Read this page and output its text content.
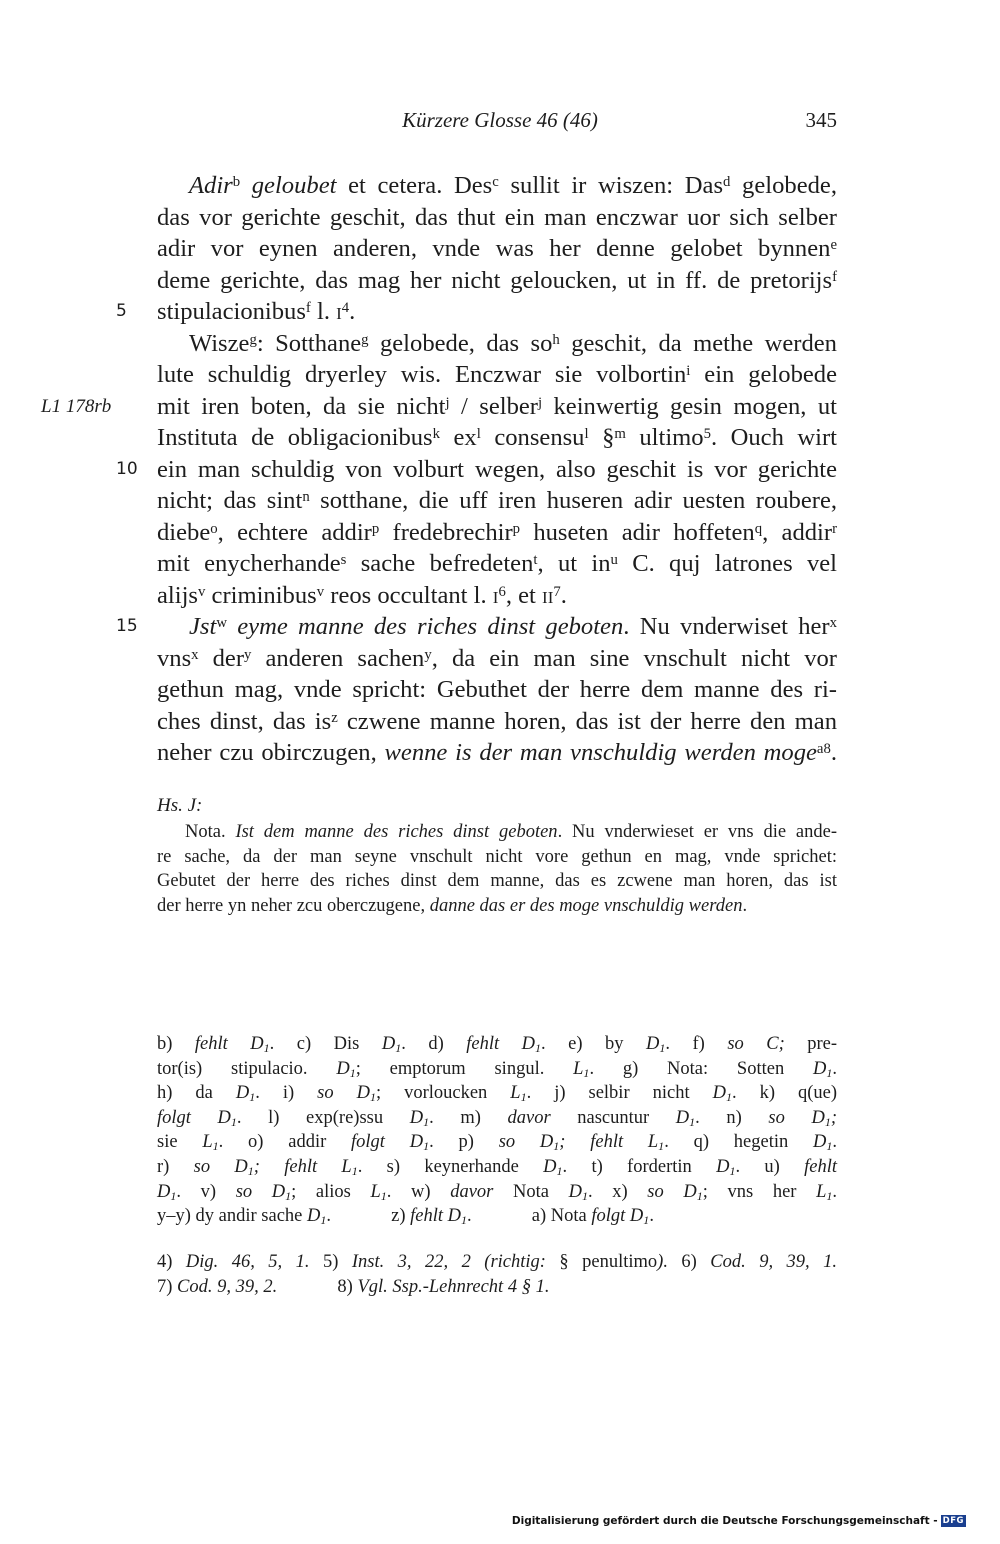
Kürzere Glosse 46 (46)	345
Adir$^b$ geloubet et cetera. Des$^c$ sullit ir wiszen: Das$^d$ gelobede,
das vor gerichte geschit, das thut ein man enczwar uor sich selber
adir vor eynen anderen, vnde was her denne gelobet bynnen$^e$
deme gerichte, das mag her nicht geloucken, ut in ff. de pretorijs$^f$
5	stipulacionibus$^f$ l. $i^4$.
Wisze$^g$: Sotthane$^g$ gelobede, das $so^h$ geschit, da methe werden
lute schuldig dryerley wis. Enczwar sie volbortin$^i$ ein gelobede
L1 178rb mit iren boten, da sie nicht$^j$ / selber$^j$ keinwertig gesin mogen, ut
Instituta de obligacionibus$^k$ $ex^l$ consensu$^l$ §$^m$ ultimo$^5$. Ouch wirt
10 ein man schuldig von volburt wegen, also geschit is vor gerichte
nicht; das sint$^n$ sotthane, die uff iren huseren adir uesten roubere,
diebe$^o$, echtere addir$^p$ fredebrechir$^p$ huseten adir hoffeten$^q$, addir$^r$
mit enycherhande$^s$ sache befredeten$^t$, ut $in^u$ C. quj latrones vel
alijs$^v$ criminibus$^v$ reos occultant l. $i^6$, et $ii^7$.
15 Jst$^w$ eyme manne des riches dinst geboten. Nu vnderwiset her$^x$
vns$^x$ der$^y$ anderen sachen$^y$, da ein man sine vnschult nicht vor
gethun mag, vnde spricht: Gebuthet der herre dem manne des ri-
ches dinst, das $is^z$ czwene manne horen, das ist der herre den man
neher czu obirczugen, wenne is der man vnschuldig werden moge$^{a8}$.
Hs. J:
Nota. Ist dem manne des riches dinst geboten. Nu vnderwieset er vns die ande-
re sache, da der man seyne vnschult nicht vore gethun en mag, vnde sprichet:
Gebutet der herre des riches dinst dem manne, das es zcwene man horen, das ist
der herre yn neher zcu oberczugene, danne das er des moge vnschuldig werden.
b) fehlt $D_1$. c) Dis $D_1$. d) fehlt $D_1$. e) by $D_1$. f) so C; pre-
tor(is) stipulacio. $D_1$; emptorum singul. $L_1$. g) Nota: Sotten $D_1$.
h) da $D_1$. i) so $D_1$; vorloucken $L_1$. j) selbir nicht $D_1$. k) q(ue)
folgt $D_1$. l) exp(re)ssu $D_1$. m) davor nascuntur $D_1$. n) so $D_1$;
sie $L_1$. o) addir folgt $D_1$. p) so $D_1$; fehlt $L_1$. q) hegetin $D_1$.
r) so $D_1$; fehlt $L_1$. s) keynerhande $D_1$. t) fordertin $D_1$. u) fehlt
$D_1$. v) so $D_1$; alios $L_1$. w) davor Nota $D_1$. x) so $D_1$; vns her $L_1$.
y–y) dy andir sache $D_1$.   	z) fehlt $D_1$.   	a) Nota folgt $D_1$.
4) Dig. 46, 5, 1. 5) Inst. 3, 22, 2 (richtig: § penultimo). 6) Cod. 9, 39, 1.
7) Cod. 9, 39, 2.   	8) Vgl. Ssp.-Lehnrecht 4 § 1.
Digitalisierung gefördert durch die Deutsche Forschungsgemeinschaft - DFG
